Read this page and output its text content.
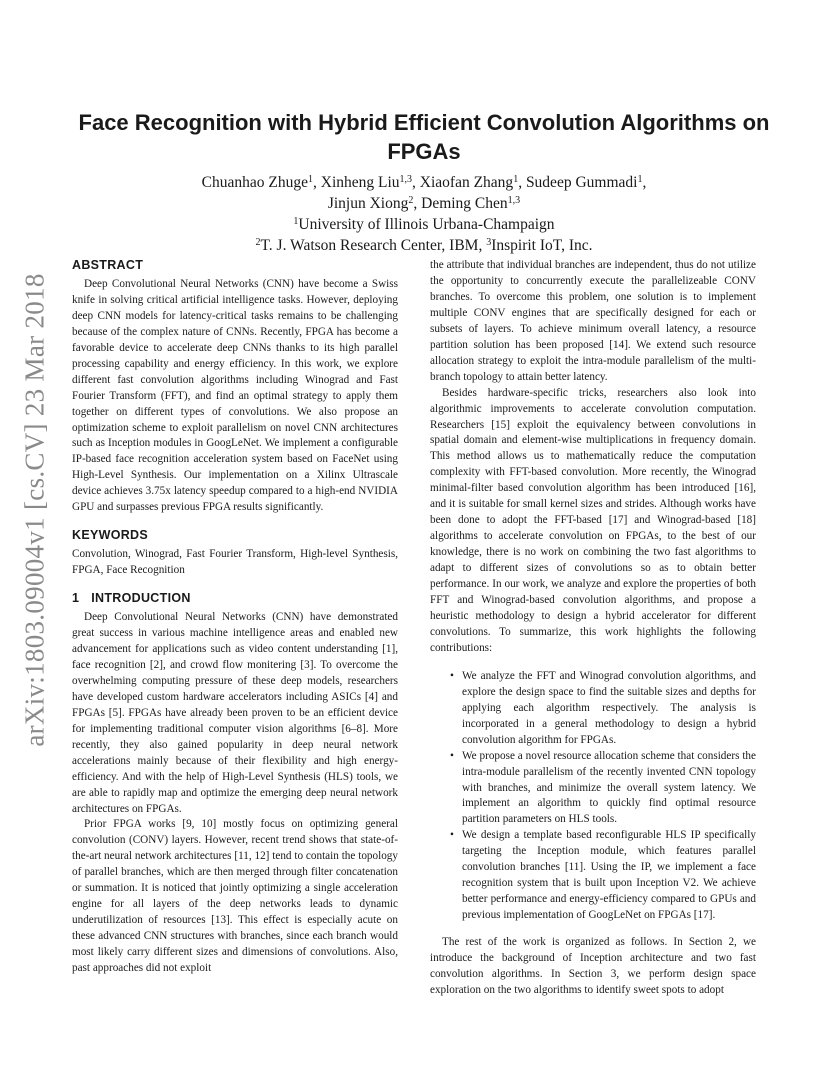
arXiv:1803.09004v1 [cs.CV] 23 Mar 2018
Face Recognition with Hybrid Efficient Convolution Algorithms on FPGAs
Chuanhao Zhuge$^1$, Xinheng Liu$^{1,3}$, Xiaofan Zhang$^1$, Sudeep Gummadi$^1$,
Jinjun Xiong$^2$, Deming Chen$^{1,3}$
$^1$University of Illinois Urbana-Champaign
$^2$T. J. Watson Research Center, IBM, $^3$Inspirit IoT, Inc.
ABSTRACT

Deep Convolutional Neural Networks (CNN) have become a Swiss knife in solving critical artificial intelligence tasks. However, deploying deep CNN models for latency-critical tasks remains to be challenging because of the complex nature of CNNs. Recently, FPGA has become a favorable device to accelerate deep CNNs thanks to its high parallel processing capability and energy efficiency. In this work, we explore different fast convolution algorithms including Winograd and Fast Fourier Transform (FFT), and find an optimal strategy to apply them together on different types of convolutions. We also propose an optimization scheme to exploit parallelism on novel CNN architectures such as Inception modules in GoogLeNet. We implement a configurable IP-based face recognition acceleration system based on FaceNet using High-Level Synthesis. Our implementation on a Xilinx Ultrascale device achieves 3.75x latency speedup compared to a high-end NVIDIA GPU and surpasses previous FPGA results significantly.

KEYWORDS

Convolution, Winograd, Fast Fourier Transform, High-level Synthesis, FPGA, Face Recognition

1 INTRODUCTION

Deep Convolutional Neural Networks (CNN) have demonstrated great success in various machine intelligence areas and enabled new advancement for applications such as video content understanding [1], face recognition [2], and crowd flow monitering [3]. To overcome the overwhelming computing pressure of these deep models, researchers have developed custom hardware accelerators including ASICs [4] and FPGAs [5]. FPGAs have already been proven to be an efficient device for implementing traditional computer vision algorithms [6–8]. More recently, they also gained popularity in deep neural network accelerations mainly because of their flexibility and high energy-efficiency. And with the help of High-Level Synthesis (HLS) tools, we are able to rapidly map and optimize the emerging deep neural network architectures on FPGAs.

Prior FPGA works [9, 10] mostly focus on optimizing general convolution (CONV) layers. However, recent trend shows that state-of-the-art neural network architectures [11, 12] tend to contain the topology of parallel branches, which are then merged through filter concatenation or summation. It is noticed that jointly optimizing a single acceleration engine for all layers of the deep networks leads to dynamic underutilization of resources [13]. This effect is especially acute on these advanced CNN structures with branches, since each branch would most likely carry different sizes and dimensions of convolutions. Also, past approaches did not exploit

the attribute that individual branches are independent, thus do not utilize the opportunity to concurrently execute the parallelizeable CONV branches. To overcome this problem, one solution is to implement multiple CONV engines that are specifically designed for each or subsets of layers. To achieve minimum overall latency, a resource partition solution has been proposed [14]. We extend such resource allocation strategy to exploit the intra-module parallelism of the multi-branch topology to attain better latency.

Besides hardware-specific tricks, researchers also look into algorithmic improvements to accelerate convolution computation. Researchers [15] exploit the equivalency between convolutions in spatial domain and element-wise multiplications in frequency domain. This method allows us to mathematically reduce the computation complexity with FFT-based convolution. More recently, the Winograd minimal-filter based convolution algorithm has been introduced [16], and it is suitable for small kernel sizes and strides. Although works have been done to adopt the FFT-based [17] and Winograd-based [18] algorithms to accelerate convolution on FPGAs, to the best of our knowledge, there is no work on combining the two fast algorithms to adapt to different sizes of convolutions so as to obtain better performance. In our work, we analyze and explore the properties of both FFT and Winograd-based convolution algorithms, and propose a heuristic methodology to design a hybrid accelerator for different convolutions. To summarize, this work highlights the following contributions:

• We analyze the FFT and Winograd convolution algorithms, and explore the design space to find the suitable sizes and depths for applying each algorithm respectively. The analysis is incorporated in a general methodology to design a hybrid convolution algorithm for FPGAs.
• We propose a novel resource allocation scheme that considers the intra-module parallelism of the recently invented CNN topology with branches, and minimize the overall system latency. We implement an algorithm to quickly find optimal resource partition parameters on HLS tools.
• We design a template based reconfigurable HLS IP specifically targeting the Inception module, which features parallel convolution branches [11]. Using the IP, we implement a face recognition system that is built upon Inception V2. We achieve better performance and energy-efficiency compared to GPUs and previous implementation of GoogLeNet on FPGAs [17].

The rest of the work is organized as follows. In Section 2, we introduce the background of Inception architecture and two fast convolution algorithms. In Section 3, we perform design space exploration on the two algorithms to identify sweet spots to adopt
